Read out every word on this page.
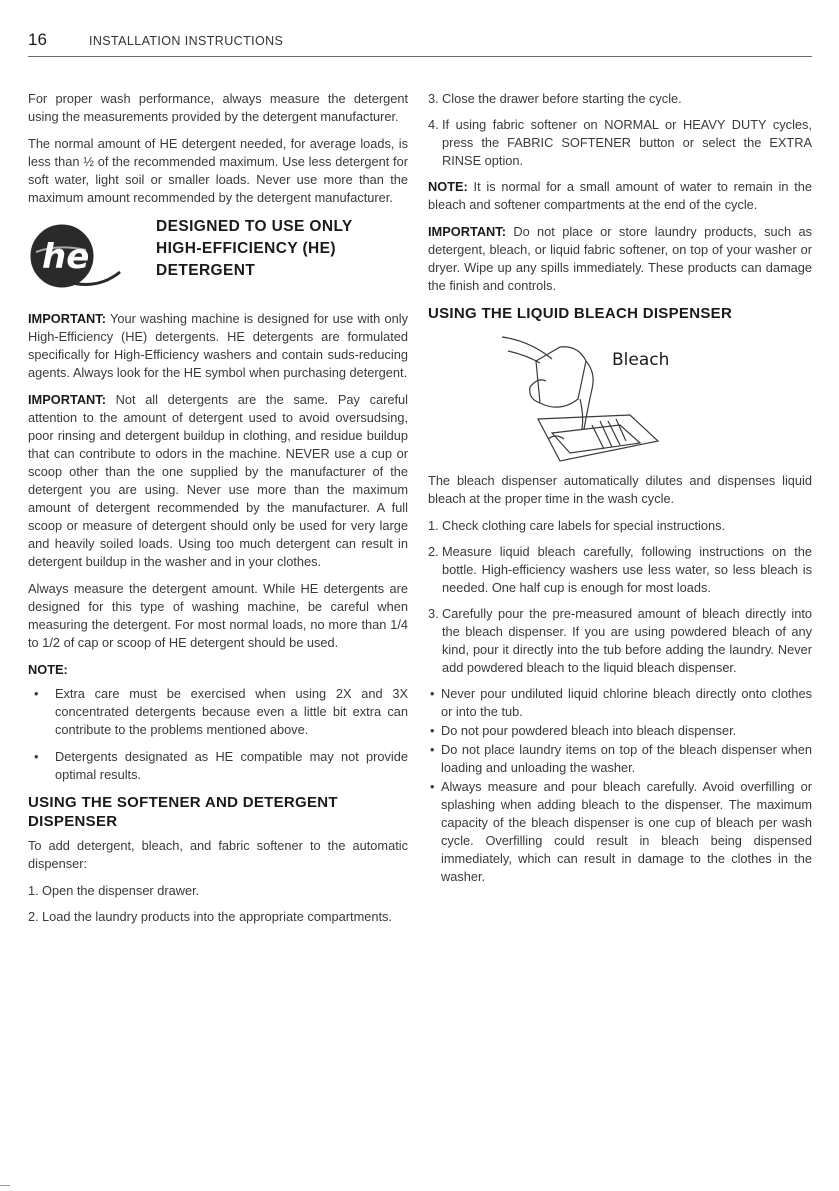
16	INSTALLATION INSTRUCTIONS

For proper wash performance, always measure the detergent using the measurements provided by the detergent manufacturer.

The normal amount of HE detergent needed, for average loads, is less than ½ of the recommended maximum. Use less detergent for soft water, light soil or smaller loads. Never use more than the maximum amount recommended by the detergent manufacturer.

he
DESIGNED TO USE ONLY
HIGH-EFFICIENCY (HE)
DETERGENT

IMPORTANT: Your washing machine is designed for use with only High-Efficiency (HE) detergents. HE detergents are formulated specifically for High-Efficiency washers and contain suds-reducing agents. Always look for the HE symbol when purchasing detergent.

IMPORTANT: Not all detergents are the same. Pay careful attention to the amount of detergent used to avoid oversudsing, poor rinsing and detergent buildup in clothing, and residue buildup that can contribute to odors in the machine. NEVER use a cup or scoop other than the one supplied by the manufacturer of the detergent you are using. Never use more than the maximum amount of detergent recommended by the manufacturer. A full scoop or measure of detergent should only be used for very large and heavily soiled loads. Using too much detergent can result in detergent buildup in the washer and in your clothes.

Always measure the detergent amount. While HE detergents are designed for this type of washing machine, be careful when measuring the detergent. For most normal loads, no more than 1/4 to 1/2 of cap or scoop of HE detergent should be used.

NOTE:
• Extra care must be exercised when using 2X and 3X concentrated detergents because even a little bit extra can contribute to the problems mentioned above.
• Detergents designated as HE compatible may not provide optimal results.
USING THE SOFTENER AND DETERGENT DISPENSER

To add detergent, bleach, and fabric softener to the automatic dispenser:

1. Open the dispenser drawer.
2. Load the laundry products into the appropriate compartments.
3. Close the drawer before starting the cycle.
4. If using fabric softener on NORMAL or HEAVY DUTY cycles, press the FABRIC SOFTENER button or select the EXTRA RINSE option.

NOTE: It is normal for a small amount of water to remain in the bleach and softener compartments at the end of the cycle.

IMPORTANT: Do not place or store laundry products, such as detergent, bleach, or liquid fabric softener, on top of your washer or dryer. Wipe up any spills immediately. These products can damage the finish and controls.

USING THE LIQUID BLEACH DISPENSER
Bleach

The bleach dispenser automatically dilutes and dispenses liquid bleach at the proper time in the wash cycle.

1. Check clothing care labels for special instructions.
2. Measure liquid bleach carefully, following instructions on the bottle. High-efficiency washers use less water, so less bleach is needed. One half cup is enough for most loads.
3. Carefully pour the pre-measured amount of bleach directly into the bleach dispenser. If you are using powdered bleach of any kind, pour it directly into the tub before adding the laundry. Never add powdered bleach to the liquid bleach dispenser.
• Never pour undiluted liquid chlorine bleach directly onto clothes or into the tub.
• Do not pour powdered bleach into bleach dispenser.
• Do not place laundry items on top of the bleach dispenser when loading and unloading the washer.
• Always measure and pour bleach carefully. Avoid overfilling or splashing when adding bleach to the dispenser. The maximum capacity of the bleach dispenser is one cup of bleach per wash cycle. Overfilling could result in bleach being dispensed immediately, which can result in damage to the clothes in the washer.
